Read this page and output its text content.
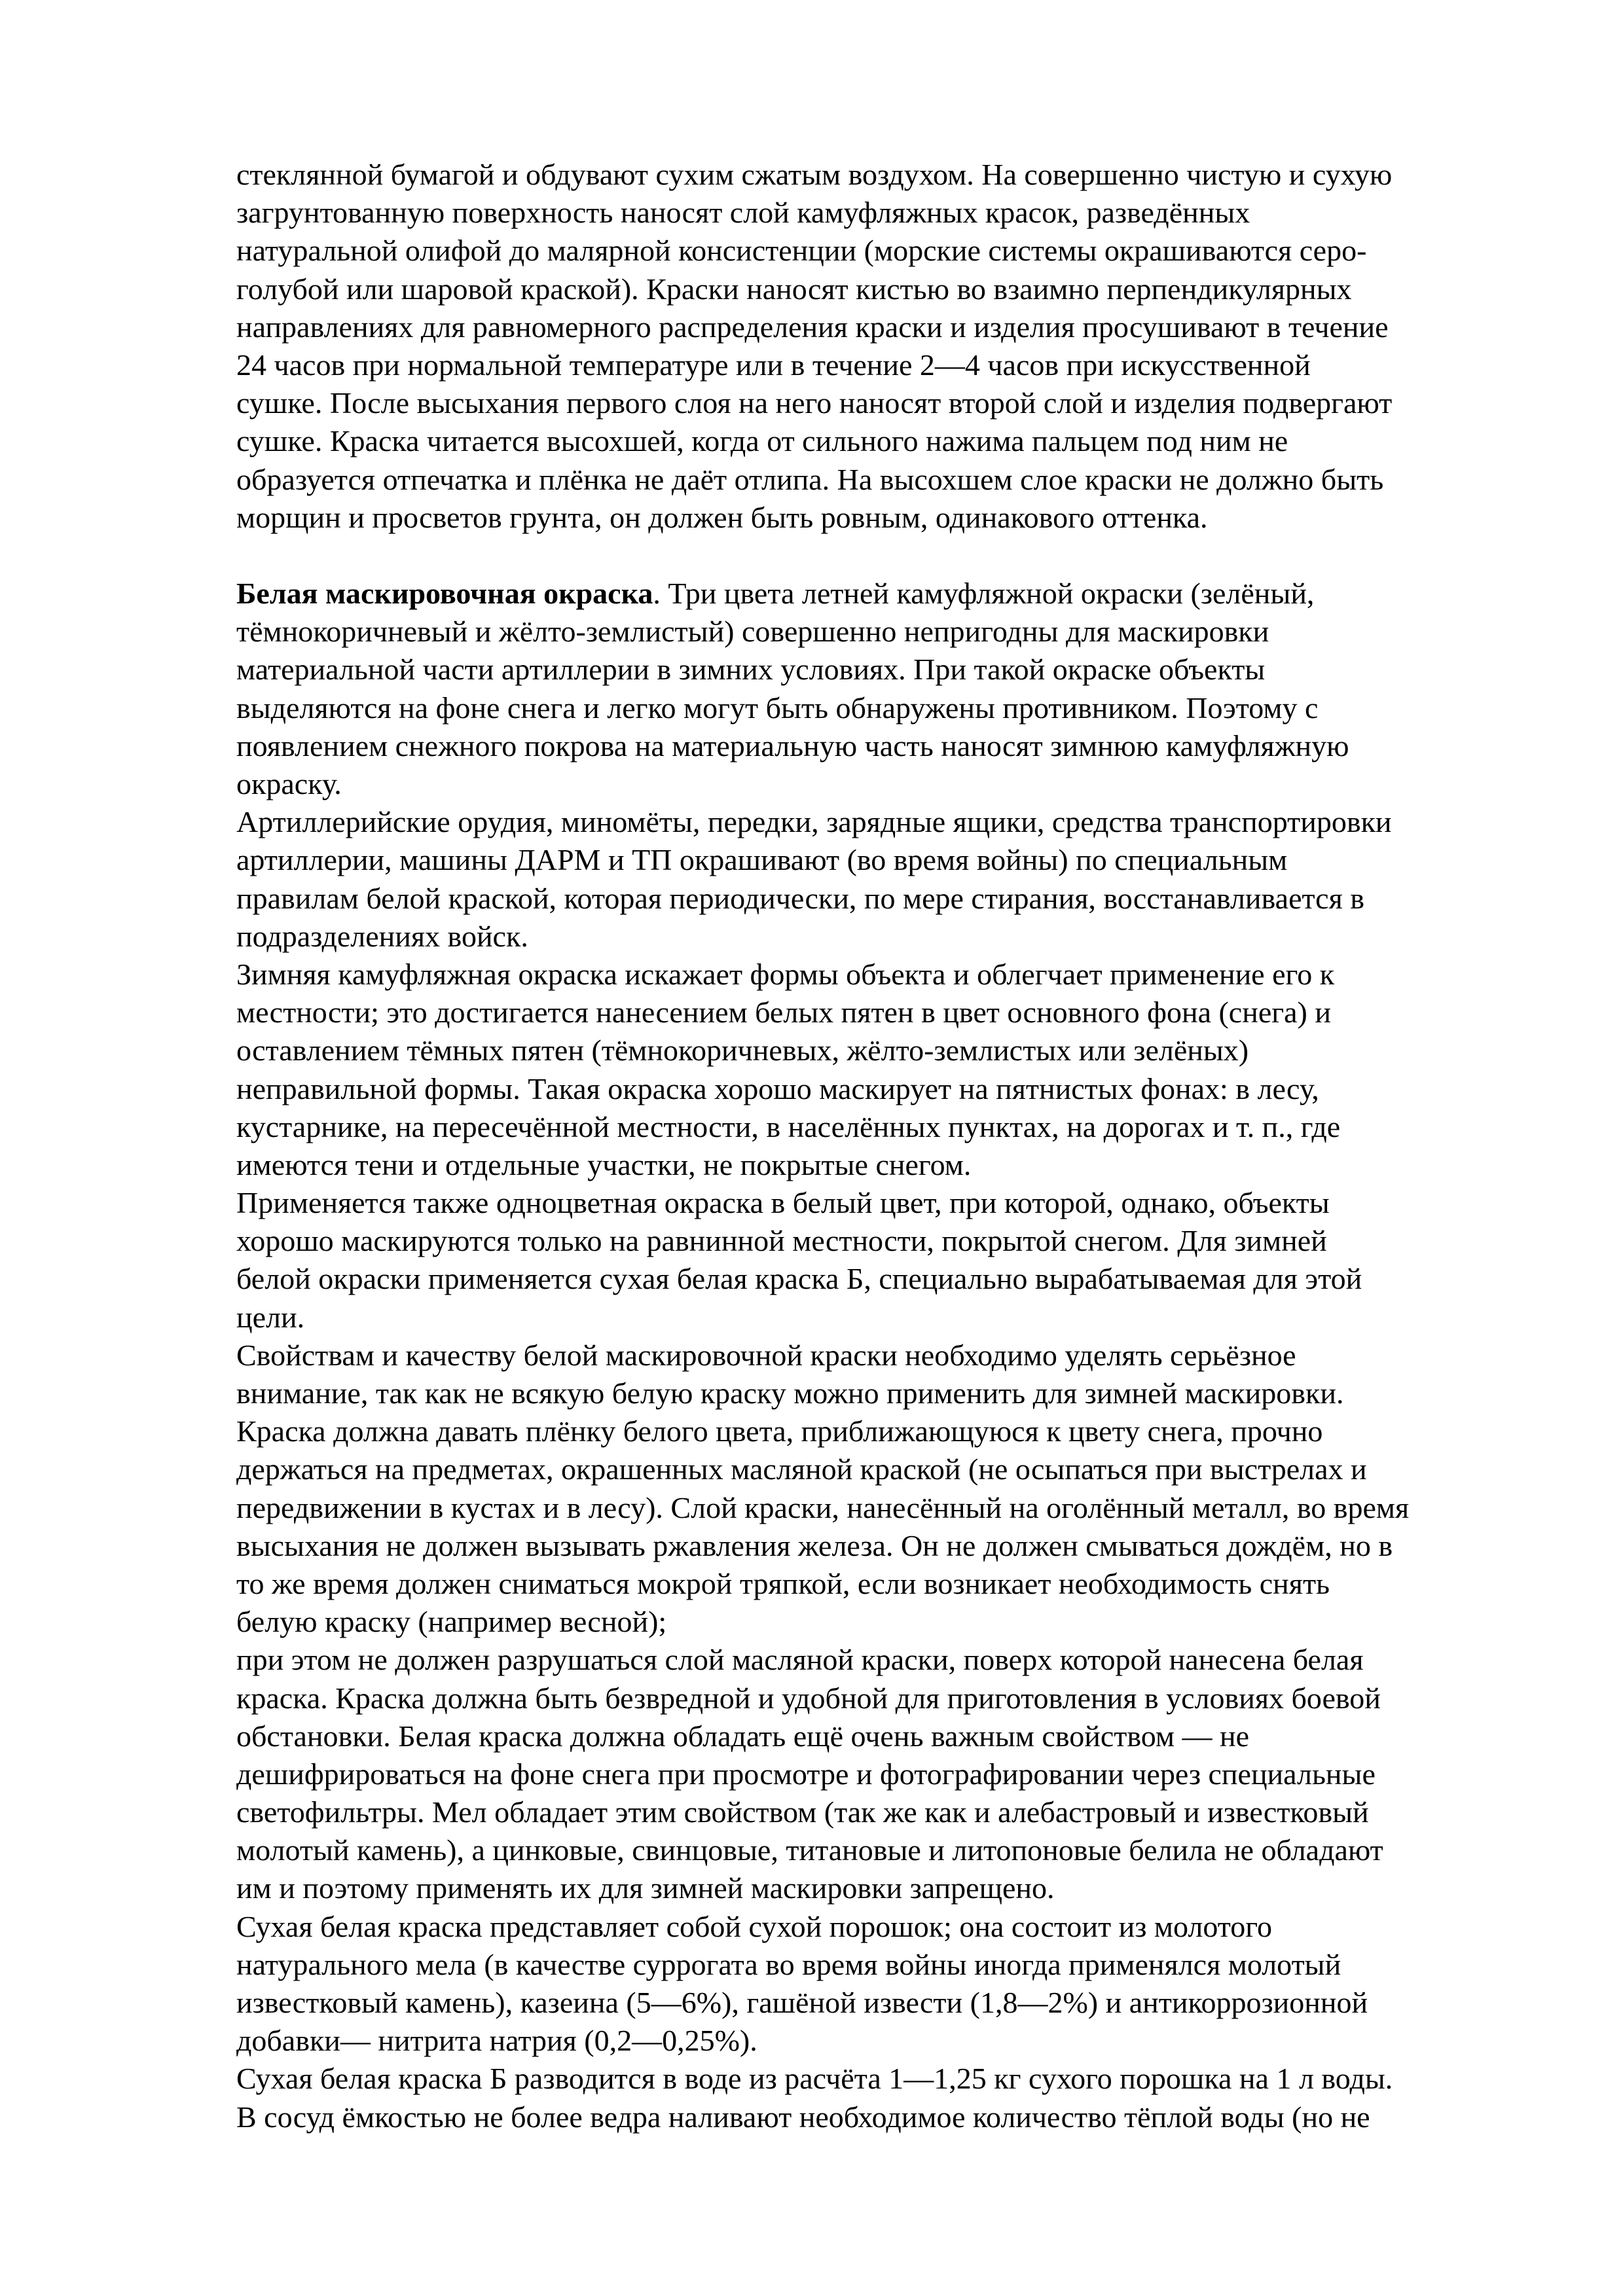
стеклянной бумагой и обдувают сухим сжатым воздухом. На совершенно чистую и сухую
загрунтованную поверхность наносят слой камуфляжных красок, разведённых
натуральной олифой до малярной консистенции (морские системы окрашиваются серо-
голубой или шаровой краской). Краски наносят кистью во взаимно перпендикулярных
направлениях для равномерного распределения краски и изделия просушивают в течение
24 часов при нормальной температуре или в течение 2—4 часов при искусственной
сушке. После высыхания первого слоя на него наносят второй слой и изделия подвергают
сушке. Краска читается высохшей, когда от сильного нажима пальцем под ним не
образуется отпечатка и плёнка не даёт отлипа. На высохшем слое краски не должно быть
морщин и просветов грунта, он должен быть ровным, одинакового оттенка.
Белая маскировочная окраска. Три цвета летней камуфляжной окраски (зелёный,
тёмнокоричневый и жёлто-землистый) совершенно непригодны для маскировки
материальной части артиллерии в зимних условиях. При такой окраске объекты
выделяются на фоне снега и легко могут быть обнаружены противником. Поэтому с
появлением снежного покрова на материальную часть наносят зимнюю камуфляжную
окраску.
Артиллерийские орудия, миномёты, передки, зарядные ящики, средства транспортировки
артиллерии, машины ДАРМ и ТП окрашивают (во время войны) по специальным
правилам белой краской, которая периодически, по мере стирания, восстанавливается в
подразделениях войск.
Зимняя камуфляжная окраска искажает формы объекта и облегчает применение его к
местности; это достигается нанесением белых пятен в цвет основного фона (снега) и
оставлением тёмных пятен (тёмнокоричневых, жёлто-землистых или зелёных)
неправильной формы. Такая окраска хорошо маскирует на пятнистых фонах: в лесу,
кустарнике, на пересечённой местности, в населённых пунктах, на дорогах и т. п., где
имеются тени и отдельные участки, не покрытые снегом.
Применяется также одноцветная окраска в белый цвет, при которой, однако, объекты
хорошо маскируются только на равнинной местности, покрытой снегом. Для зимней
белой окраски применяется сухая белая краска Б, специально вырабатываемая для этой
цели.
Свойствам и качеству белой маскировочной краски необходимо уделять серьёзное
внимание, так как не всякую белую краску можно применить для зимней маскировки.
Краска должна давать плёнку белого цвета, приближающуюся к цвету снега, прочно
держаться на предметах, окрашенных масляной краской (не осыпаться при выстрелах и
передвижении в кустах и в лесу). Слой краски, нанесённый на оголённый металл, во время
высыхания не должен вызывать ржавления железа. Он не должен смываться дождём, но в
то же время должен сниматься мокрой тряпкой, если возникает необходимость снять
белую краску (например весной);
при этом не должен разрушаться слой масляной краски, поверх которой нанесена белая
краска. Краска должна быть безвредной и удобной для приготовления в условиях боевой
обстановки. Белая краска должна обладать ещё очень важным свойством — не
дешифрироваться на фоне снега при просмотре и фотографировании через специальные
светофильтры. Мел обладает этим свойством (так же как и алебастровый и известковый
молотый камень), а цинковые, свинцовые, титановые и литопоновые белила не обладают
им и поэтому применять их для зимней маскировки запрещено.
Сухая белая краска представляет собой сухой порошок; она состоит из молотого
натурального мела (в качестве суррогата во время войны иногда применялся молотый
известковый камень), казеина (5—6%), гашёной извести (1,8—2%) и антикоррозионной
добавки— нитрита натрия (0,2—0,25%).
Сухая белая краска Б разводится в воде из расчёта 1—1,25 кг сухого порошка на 1 л воды.
В сосуд ёмкостью не более ведра наливают необходимое количество тёплой воды (но не
